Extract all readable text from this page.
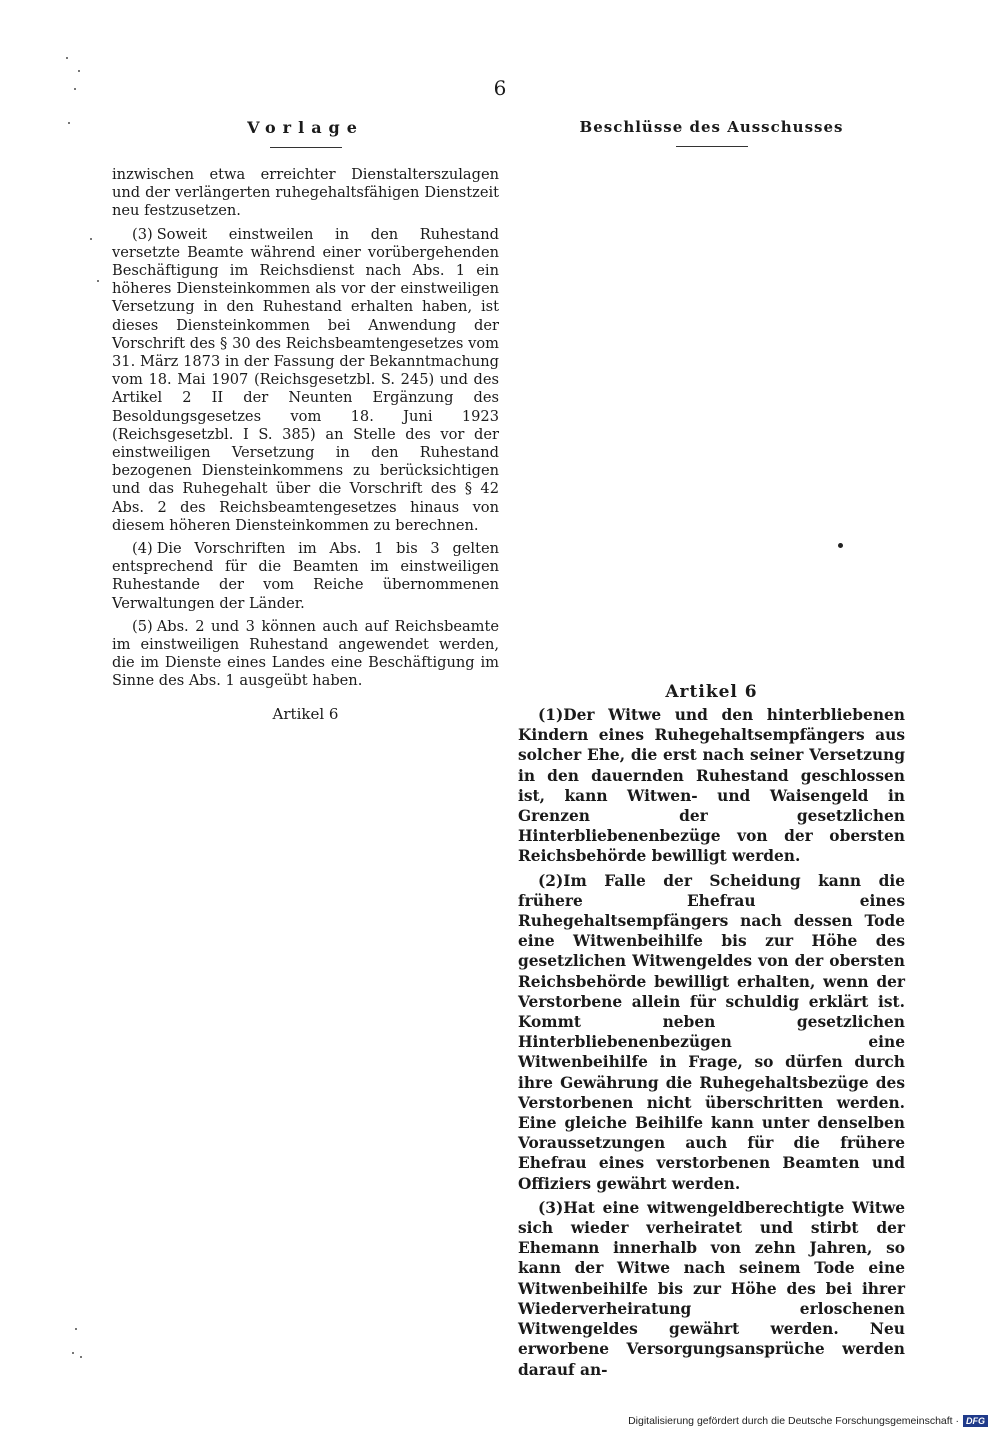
6
Vorlage

inzwischen etwa erreichter Dienstalterszulagen und der verlängerten ruhegehaltsfähigen Dienstzeit neu festzusetzen.

(3) Soweit einstweilen in den Ruhestand versetzte Beamte während einer vorübergehenden Beschäftigung im Reichsdienst nach Abs. 1 ein höheres Diensteinkommen als vor der einstweiligen Versetzung in den Ruhestand erhalten haben, ist dieses Diensteinkommen bei Anwendung der Vorschrift des § 30 des Reichsbeamtengesetzes vom 31. März 1873 in der Fassung der Bekanntmachung vom 18. Mai 1907 (Reichsgesetzbl. S. 245) und des Artikel 2 II der Neunten Ergänzung des Besoldungsgesetzes vom 18. Juni 1923 (Reichsgesetzbl. I S. 385) an Stelle des vor der einstweiligen Versetzung in den Ruhestand bezogenen Diensteinkommens zu berücksichtigen und das Ruhegehalt über die Vorschrift des § 42 Abs. 2 des Reichsbeamtengesetzes hinaus von diesem höheren Diensteinkommen zu berechnen.

(4) Die Vorschriften im Abs. 1 bis 3 gelten entsprechend für die Beamten im einstweiligen Ruhestande der vom Reiche übernommenen Verwaltungen der Länder.

(5) Abs. 2 und 3 können auch auf Reichsbeamte im einstweiligen Ruhestand angewendet werden, die im Dienste eines Landes eine Beschäftigung im Sinne des Abs. 1 ausgeübt haben.

Artikel 6
Beschlüsse des Ausschusses
Artikel 6

(1)Der Witwe und den hinterbliebenen Kindern eines Ruhegehaltsempfängers aus solcher Ehe, die erst nach seiner Versetzung in den dauernden Ruhestand geschlossen ist, kann Witwen- und Waisengeld in Grenzen der gesetzlichen Hinterbliebenenbezüge von der obersten Reichsbehörde bewilligt werden.

(2)Im Falle der Scheidung kann die frühere Ehefrau eines Ruhegehaltsempfängers nach dessen Tode eine Witwenbeihilfe bis zur Höhe des gesetzlichen Witwengeldes von der obersten Reichsbehörde bewilligt erhalten, wenn der Verstorbene allein für schuldig erklärt ist. Kommt neben gesetzlichen Hinterbliebenenbezügen eine Witwenbeihilfe in Frage, so dürfen durch ihre Gewährung die Ruhegehaltsbezüge des Verstorbenen nicht überschritten werden. Eine gleiche Beihilfe kann unter denselben Voraussetzungen auch für die frühere Ehefrau eines verstorbenen Beamten und Offiziers gewährt werden.

(3)Hat eine witwengeldberechtigte Witwe sich wieder verheiratet und stirbt der Ehemann innerhalb von zehn Jahren, so kann der Witwe nach seinem Tode eine Witwenbeihilfe bis zur Höhe des bei ihrer Wiederverheiratung erloschenen Witwengeldes gewährt werden. Neu erworbene Versorgungsansprüche werden darauf an-

Digitalisierung gefördert durch die Deutsche Forschungsgemeinschaft · DFG
